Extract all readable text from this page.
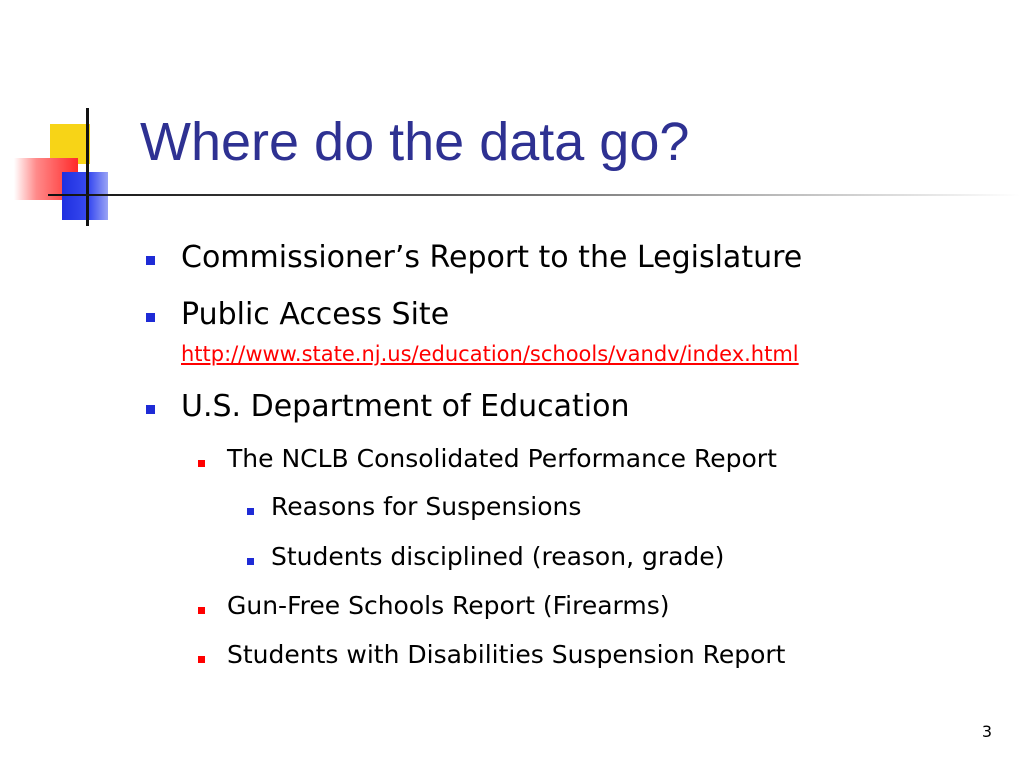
Where do the data go?
Commissioner’s Report to the Legislature
Public Access Site
http://www.state.nj.us/education/schools/vandv/index.html
U.S. Department of Education
The NCLB Consolidated Performance Report
Reasons for Suspensions
Students disciplined (reason, grade)
Gun-Free Schools Report (Firearms)
Students with Disabilities Suspension Report
3
